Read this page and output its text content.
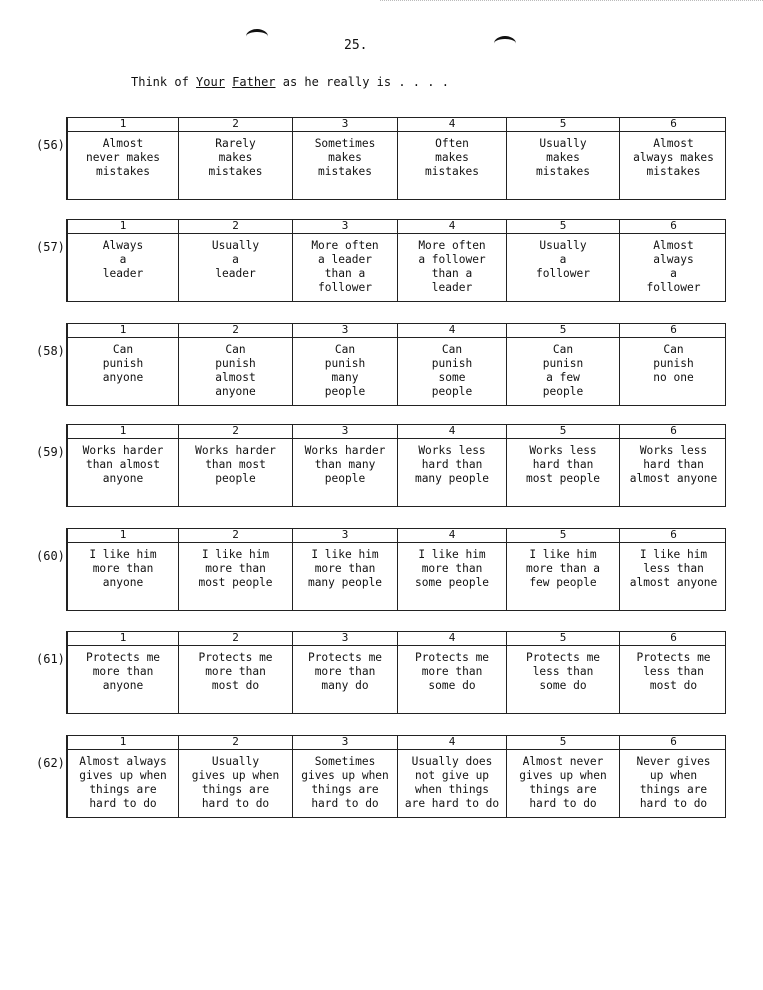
25.
Think of Your Father as he really is . . . .
(56)
1
Almost
never makes
mistakes
2
Rarely
makes
mistakes
3
Sometimes
makes
mistakes
4
Often
makes
mistakes
5
Usually
makes
mistakes
6
Almost
always makes
mistakes
(57)
1
Always
a
leader
2
Usually
a
leader
3
More often
a leader
than a
follower
4
More often
a follower
than a
leader
5
Usually
a
follower
6
Almost
always
a
follower
(58)
1
Can
punish
anyone
2
Can
punish
almost
anyone
3
Can
punish
many
people
4
Can
punish
some
people
5
Can
punisn
a few
people
6
Can
punish
no one
(59)
1
Works harder
than almost
anyone
2
Works harder
than most
people
3
Works harder
than many
people
4
Works less
hard than
many people
5
Works less
hard than
most people
6
Works less
hard than
almost anyone
(60)
1
I like him
more than
anyone
2
I like him
more than
most people
3
I like him
more than
many people
4
I like him
more than
some people
5
I like him
more than a
few people
6
I like him
less than
almost anyone
(61)
1
Protects me
more than
anyone
2
Protects me
more than
most do
3
Protects me
more than
many do
4
Protects me
more than
some do
5
Protects me
less than
some do
6
Protects me
less than
most do
(62)
1
Almost always
gives up when
things are
hard to do
2
Usually
gives up when
things are
hard to do
3
Sometimes
gives up when
things are
hard to do
4
Usually does
not give up
when things
are hard to do
5
Almost never
gives up when
things are
hard to do
6
Never gives
up when
things are
hard to do
